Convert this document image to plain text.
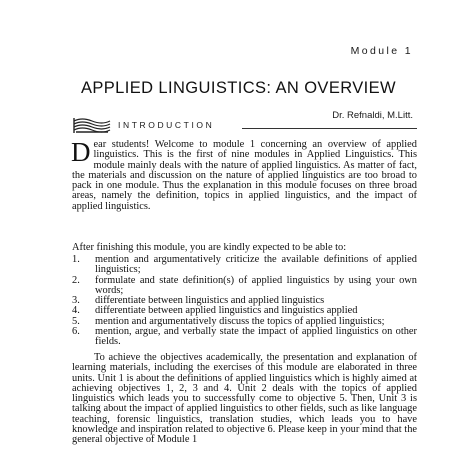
Module 1
APPLIED LINGUISTICS: AN OVERVIEW
Dr. Refnaldi, M.Litt.
INTRODUCTION
Dear students! Welcome to module 1 concerning an overview of applied linguistics. This is the first of nine modules in Applied Linguistics. This module mainly deals with the nature of applied linguistics. As matter of fact, the materials and discussion on the nature of applied linguistics are too broad to pack in one module. Thus the explanation in this module focuses on three broad areas, namely the definition, topics in applied linguistics, and the impact of applied linguistics.
After finishing this module, you are kindly expected to be able to:
1. mention and argumentatively criticize the available definitions of applied linguistics;
2. formulate and state definition(s) of applied linguistics by using your own words;
3. differentiate between linguistics and applied linguistics
4. differentiate between applied linguistics and linguistics applied
5. mention and argumentatively discuss the topics of applied linguistics;
6. mention, argue, and verbally state the impact of applied linguistics on other fields.
To achieve the objectives academically, the presentation and explanation of learning materials, including the exercises of this module are elaborated in three units. Unit 1 is about the definitions of applied linguistics which is highly aimed at achieving objectives 1, 2, 3 and 4. Unit 2 deals with the topics of applied linguistics which leads you to successfully come to objective 5. Then, Unit 3 is talking about the impact of applied linguistics to other fields, such as like language teaching, forensic linguistics, translation studies, which leads you to have knowledge and inspiration related to objective 6. Please keep in your mind that the general objective of Module 1
